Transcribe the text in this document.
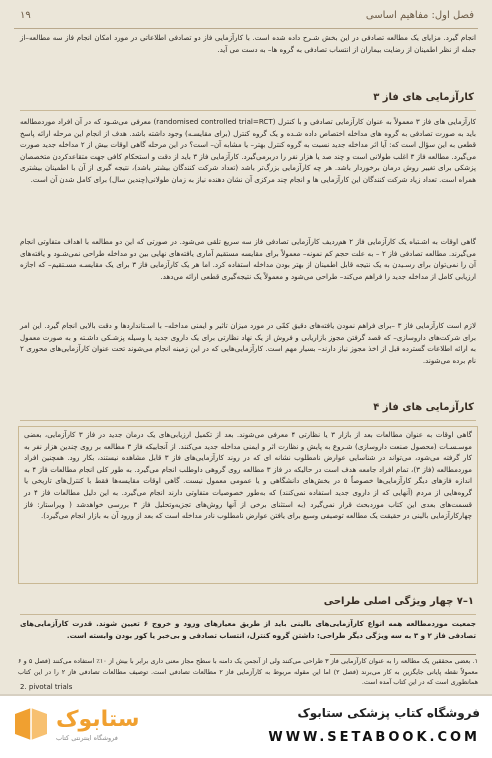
۱۹	فصل اول: مفاهیم اساسی

انجام گیرد. مزایای یک مطالعه تصادفی در این بخش شـرح داده شده است. با کارآزمایی فاز دو تصادفی اطلاعاتی در مورد امکان انجام فاز سه مطالعه–از جمله از نظر اطمینان از رضایت بیماران از انتساب تصادفی به گروه ها– به دست می آید.

کارآزمایی های فاز ۳

کارآزمایی های فاز ۳ معمولاً به عنوان کارآزمایی تصادفی و با کنترل (randomised controlled trial=RCT) معرفی می‌شـود که در آن افراد موردمطالعه باید به صورت تصادفی به گروه های مداخله اختصاص داده شـده و یک گروه کنترل (برای مقایسـه) وجود داشته باشد. هدف از انجام این مرحله ارائه پاسخ قطعی به این سؤال است که: آیا اثر مداخله جدید نسبت به گروه کنترل بهتر– یا مشابه آن– است؟ در این مرحله گاهی اوقات بیش از ۲ مداخله جدید صورت می‌گیرد. مطالعه فاز ۳ اغلب طولانی است و چند صد یا هزار نفر را دربرمی‌گیرد. کارآزمایی فاز ۳ باید از دقت و استحکام کافی جهت متقاعدکردن متخصصان پزشکی برای تغییر روش درمان برخوردار باشد. هر چه کارآزمایی بزرگ‌تر باشد (تعداد شرکت کنندگان بیشتر باشد)، نتیجه گیری از آن با اطمینان بیشتری همراه است. تعداد زیاد شرکت کنندگان این کارآزمایی ها و انجام چند مرکزی آن نشان دهنده نیاز به زمان طولانی(چندین سال) برای کامل شدن آن است.

گاهی اوقات به اشـتباه یک کارآزمایی فاز ۲ هم‌ردیف کارآزمایی تصادفی فاز سه سریع تلقی می‌شود. در صورتی که این دو مطالعه با اهداف متفاوتی انجام می‌گیرند. مطالعه تصادفی فاز ۲ – به علت حجم کم نمونه– معمولاً برای مقایسه مستقیم آماری یافته‌های نهایی بین دو مداخله طراحی نمی‌شـود و یافته‌های آن را نمی‌توان برای رسـیدن به یک نتیجه قابل اطمینان از بهتر بودن مداخله استفاده کرد. اما هر یک کارآزمایی فاز ۳ برای یک مقایسـه مسـتقیم– که اجازه ارزیابی کامل از مداخله جدید را فراهم می‌کند– طراحی می‌شود و معمولاً یک نتیجه‌گیری قطعی ارائه می‌دهد.

لازم است کارآزمایی فاز ۳ –برای فراهم نمودن یافته‌های دقیق کمّی در مورد میزان تاثیر و ایمنی مداخله– با اسـتانداردها و دقت بالایی انجام گیرد. این امر برای شرکت‌های داروسازی– که قصد گرفتن مجوز بازاریابی و فروش از یک نهاد نظارتی برای یک داروی جدید یا وسیله پزشـکی داشـته و به صورت معمول به ارائه اطلاعات گسترده قبل از اخذ مجوز نیاز دارند– بسیار مهم است. کارآزمایی‌هایی که در این زمینه انجام می‌شوند تحت عنوان کارآزمایی‌های محوری ۲ نام برده می‌شوند.

کارآزمایی های فاز ۴

گاهی اوقات به عنوان مطالعات بعد از بازار ۳ یا نظارتی ۴ معرفی می‌شوند. بعد از تکمیل ارزیابی‌های یک درمان جدید در فاز ۳ کارآزمایی، بعضی موسـسـات (محصول صنعت داروسازی) شـروع به پایش و نظارت اثر و ایمنی مداخله جدید می‌کنند. از آنجاییکه فاز ۳ مطالعه بر روی چندین هزار نفر به کار گرفته می‌شود، می‌تواند در شناسایی عوارض نامطلوب نشانه ای که در روند کارآزمایی‌های فاز ۳ قابل مشاهده نیستند، بکار رود. همچنین افراد موردمطالعه (فاز ۳)، تمام افراد جامعه هدف است در حالیکه در فاز ۳ مطالعه روی گروهی داوطلب انجام می‌گیرد. به طور کلی انجام مطالعات فاز ۴ به اندازه فازهای دیگر کارآزمایی‌ها خصوصاً ۵ در بخش‌های دانشگاهی و یا عمومی معمول نیست. گاهی اوقات مقایسه‌ها فقط با کنترل‌های تاریخی یا گروه‌هایی از مردم (آنهایی که از داروی جدید استفاده نمی‌کنند) که به‌طور خصوصیات متفاوتی دارند انجام می‌گیرد. به این دلیل مطالعات فاز ۴ در قسمت‌های بعدی این کتاب موردبحث قرار نمی‌گیرد (به استثنای برخی از آنها روش‌های تجزیه‌وتحلیل فاز ۳ بررسی خواهدشد ( ویراستار: فاز چهارکارآزمایی بالینی در حقیقت یک مطالعه توصیفی وسیع برای یافتن عوارض نامطلوب نادر مداخله است که بعد از ورود آن به بازار انجام می‌گیرد).

۱–۷ چهار ویژگی اصلی طراحی

جمعیت موردمطالعه همه انواع کارآزمایی‌های بالینی باید از طریق معیارهای ورود و خروج ۶ تعیین شوند. قدرت کارآزمایی‌های تصادفی فاز ۲ و ۳ به سه ویژگی دیگر طراحی: داشتن گروه کنترل، انتساب تصادفی و بی‌خبر یا کور بودن وابسته است.

۱. بعضی محققین یک مطالعه را به عنوان کارآزمایی فاز ۳ طراحی می‌کنند ولی از آنجمن یک دامنه با سطح مجاز معنی داری برابر با بیش از ۱۰٪ استفاده می‌کنند (فصل ۵ و ۶ معمولاً نقطه پایانی جایگزین به کار می‌برند (فصل ۲) اما این مقوله مربوط به کارآزمایی فاز ۲ مطالعات تصادفی است. توصیف مطالعات تصادفی فاز ۲ را در این کتاب همانطوری است که در این کتاب آمده است.

2. pivotal trials
ستابوک
فروشگاه اینترنتی کتاب
فروشگاه کتاب پزشکی ستابوک
WWW.SETABOOK.COM
